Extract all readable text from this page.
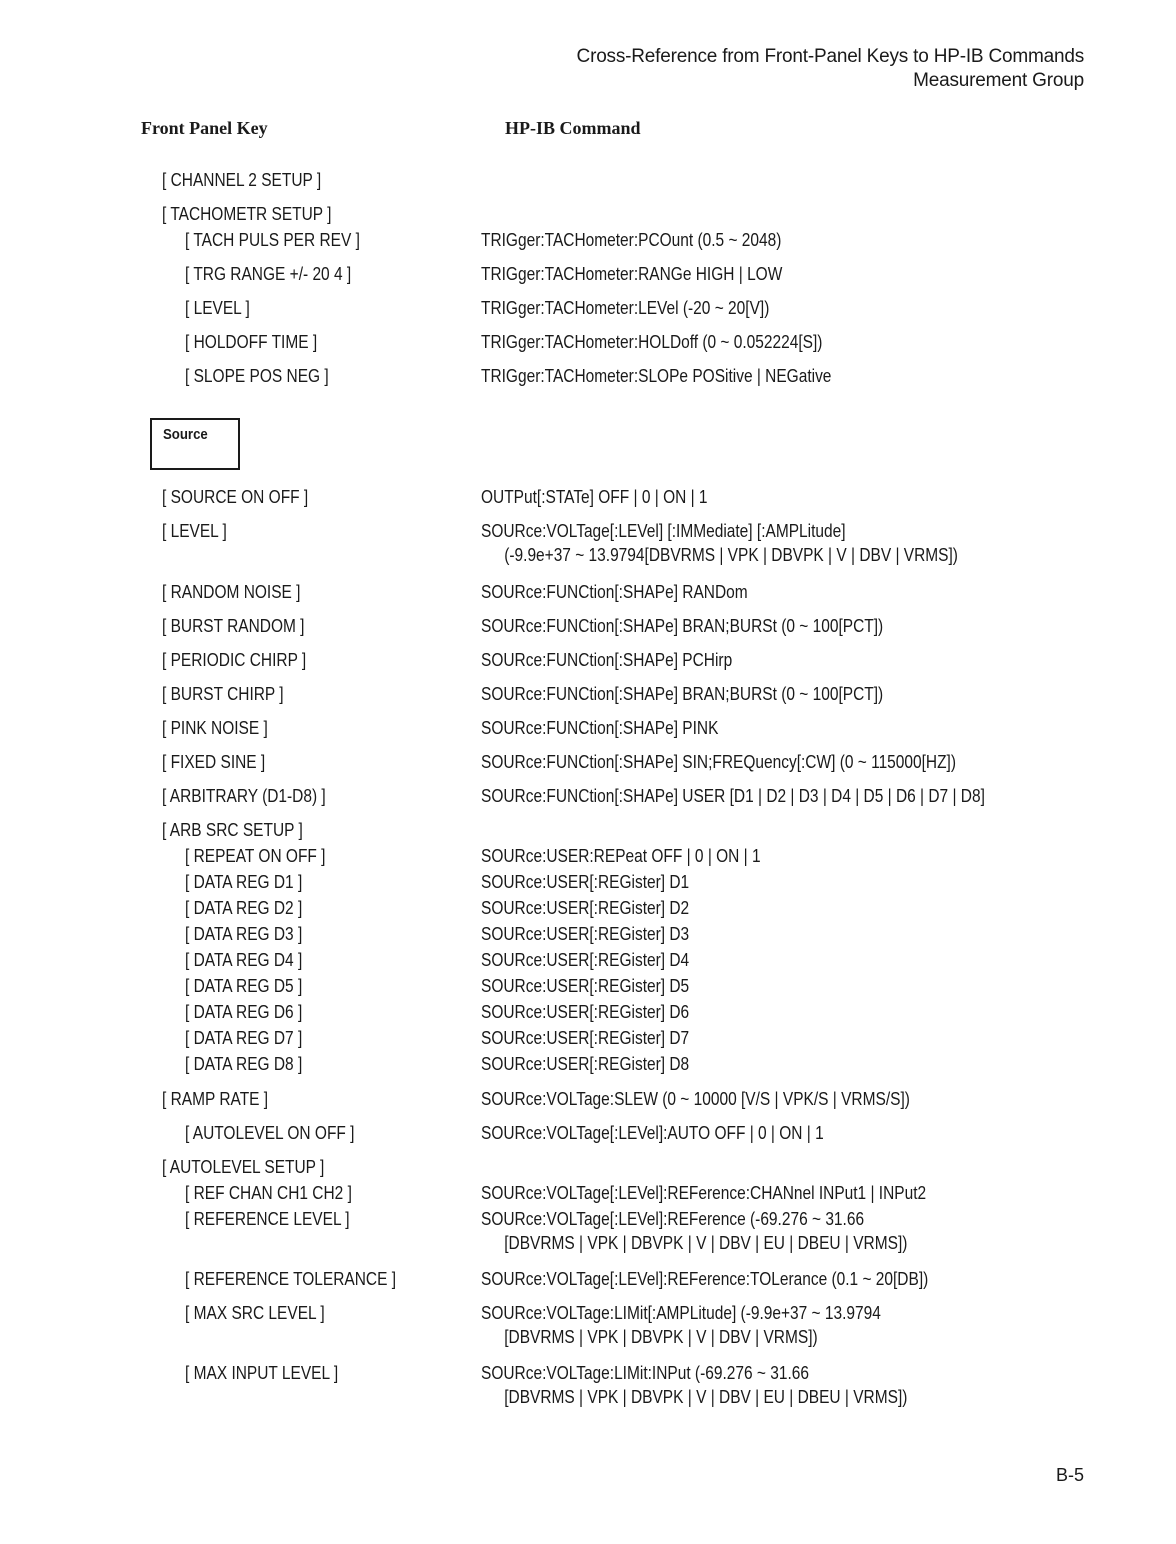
Cross-Reference from Front-Panel Keys to HP-IB Commands
Measurement Group
Front Panel Key	HP-IB Command
Source
[ CHANNEL 2 SETUP ]
[ TACHOMETR SETUP ]
[ TACH PULS PER REV ]	TRIGger:TACHometer:PCOunt (0.5 ~ 2048)
[ TRG RANGE +/- 20 4 ]	TRIGger:TACHometer:RANGe HIGH | LOW
[ LEVEL ]	TRIGger:TACHometer:LEVel (-20 ~ 20[V])
[ HOLDOFF TIME ]	TRIGger:TACHometer:HOLDoff (0 ~ 0.052224[S])
[ SLOPE POS NEG ]	TRIGger:TACHometer:SLOPe POSitive | NEGative
[ SOURCE ON OFF ]	OUTPut[:STATe] OFF | 0 | ON | 1
[ LEVEL ]	SOURce:VOLTage[:LEVel] [:IMMediate] [:AMPLitude]
(-9.9e+37 ~ 13.9794[DBVRMS | VPK | DBVPK | V | DBV | VRMS])
[ RANDOM NOISE ]	SOURce:FUNCtion[:SHAPe] RANDom
[ BURST RANDOM ]	SOURce:FUNCtion[:SHAPe] BRAN;BURSt (0 ~ 100[PCT])
[ PERIODIC CHIRP ]	SOURce:FUNCtion[:SHAPe] PCHirp
[ BURST CHIRP ]	SOURce:FUNCtion[:SHAPe] BRAN;BURSt (0 ~ 100[PCT])
[ PINK NOISE ]	SOURce:FUNCtion[:SHAPe] PINK
[ FIXED SINE ]	SOURce:FUNCtion[:SHAPe] SIN;FREQuency[:CW] (0 ~ 115000[HZ])
[ ARBITRARY (D1-D8) ]	SOURce:FUNCtion[:SHAPe] USER [D1 | D2 | D3 | D4 | D5 | D6 | D7 | D8]
[ ARB SRC SETUP ]
[ REPEAT ON OFF ]	SOURce:USER:REPeat OFF | 0 | ON | 1
[ DATA REG D1 ]	SOURce:USER[:REGister] D1
[ DATA REG D2 ]	SOURce:USER[:REGister] D2
[ DATA REG D3 ]	SOURce:USER[:REGister] D3
[ DATA REG D4 ]	SOURce:USER[:REGister] D4
[ DATA REG D5 ]	SOURce:USER[:REGister] D5
[ DATA REG D6 ]	SOURce:USER[:REGister] D6
[ DATA REG D7 ]	SOURce:USER[:REGister] D7
[ DATA REG D8 ]	SOURce:USER[:REGister] D8
[ RAMP RATE ]	SOURce:VOLTage:SLEW (0 ~ 10000 [V/S | VPK/S | VRMS/S])
[ AUTOLEVEL ON OFF ]	SOURce:VOLTage[:LEVel]:AUTO OFF | 0 | ON | 1
[ AUTOLEVEL SETUP ]
[ REF CHAN CH1 CH2 ]	SOURce:VOLTage[:LEVel]:REFerence:CHANnel INPut1 | INPut2
[ REFERENCE LEVEL ]	SOURce:VOLTage[:LEVel]:REFerence (-69.276 ~ 31.66
[DBVRMS | VPK | DBVPK | V | DBV | EU | DBEU | VRMS])
[ REFERENCE TOLERANCE ]	SOURce:VOLTage[:LEVel]:REFerence:TOLerance (0.1 ~ 20[DB])
[ MAX SRC LEVEL ]	SOURce:VOLTage:LIMit[:AMPLitude] (-9.9e+37 ~ 13.9794
[DBVRMS | VPK | DBVPK | V | DBV | VRMS])
[ MAX INPUT LEVEL ]	SOURce:VOLTage:LIMit:INPut (-69.276 ~ 31.66
[DBVRMS | VPK | DBVPK | V | DBV | EU | DBEU | VRMS])
B-5
